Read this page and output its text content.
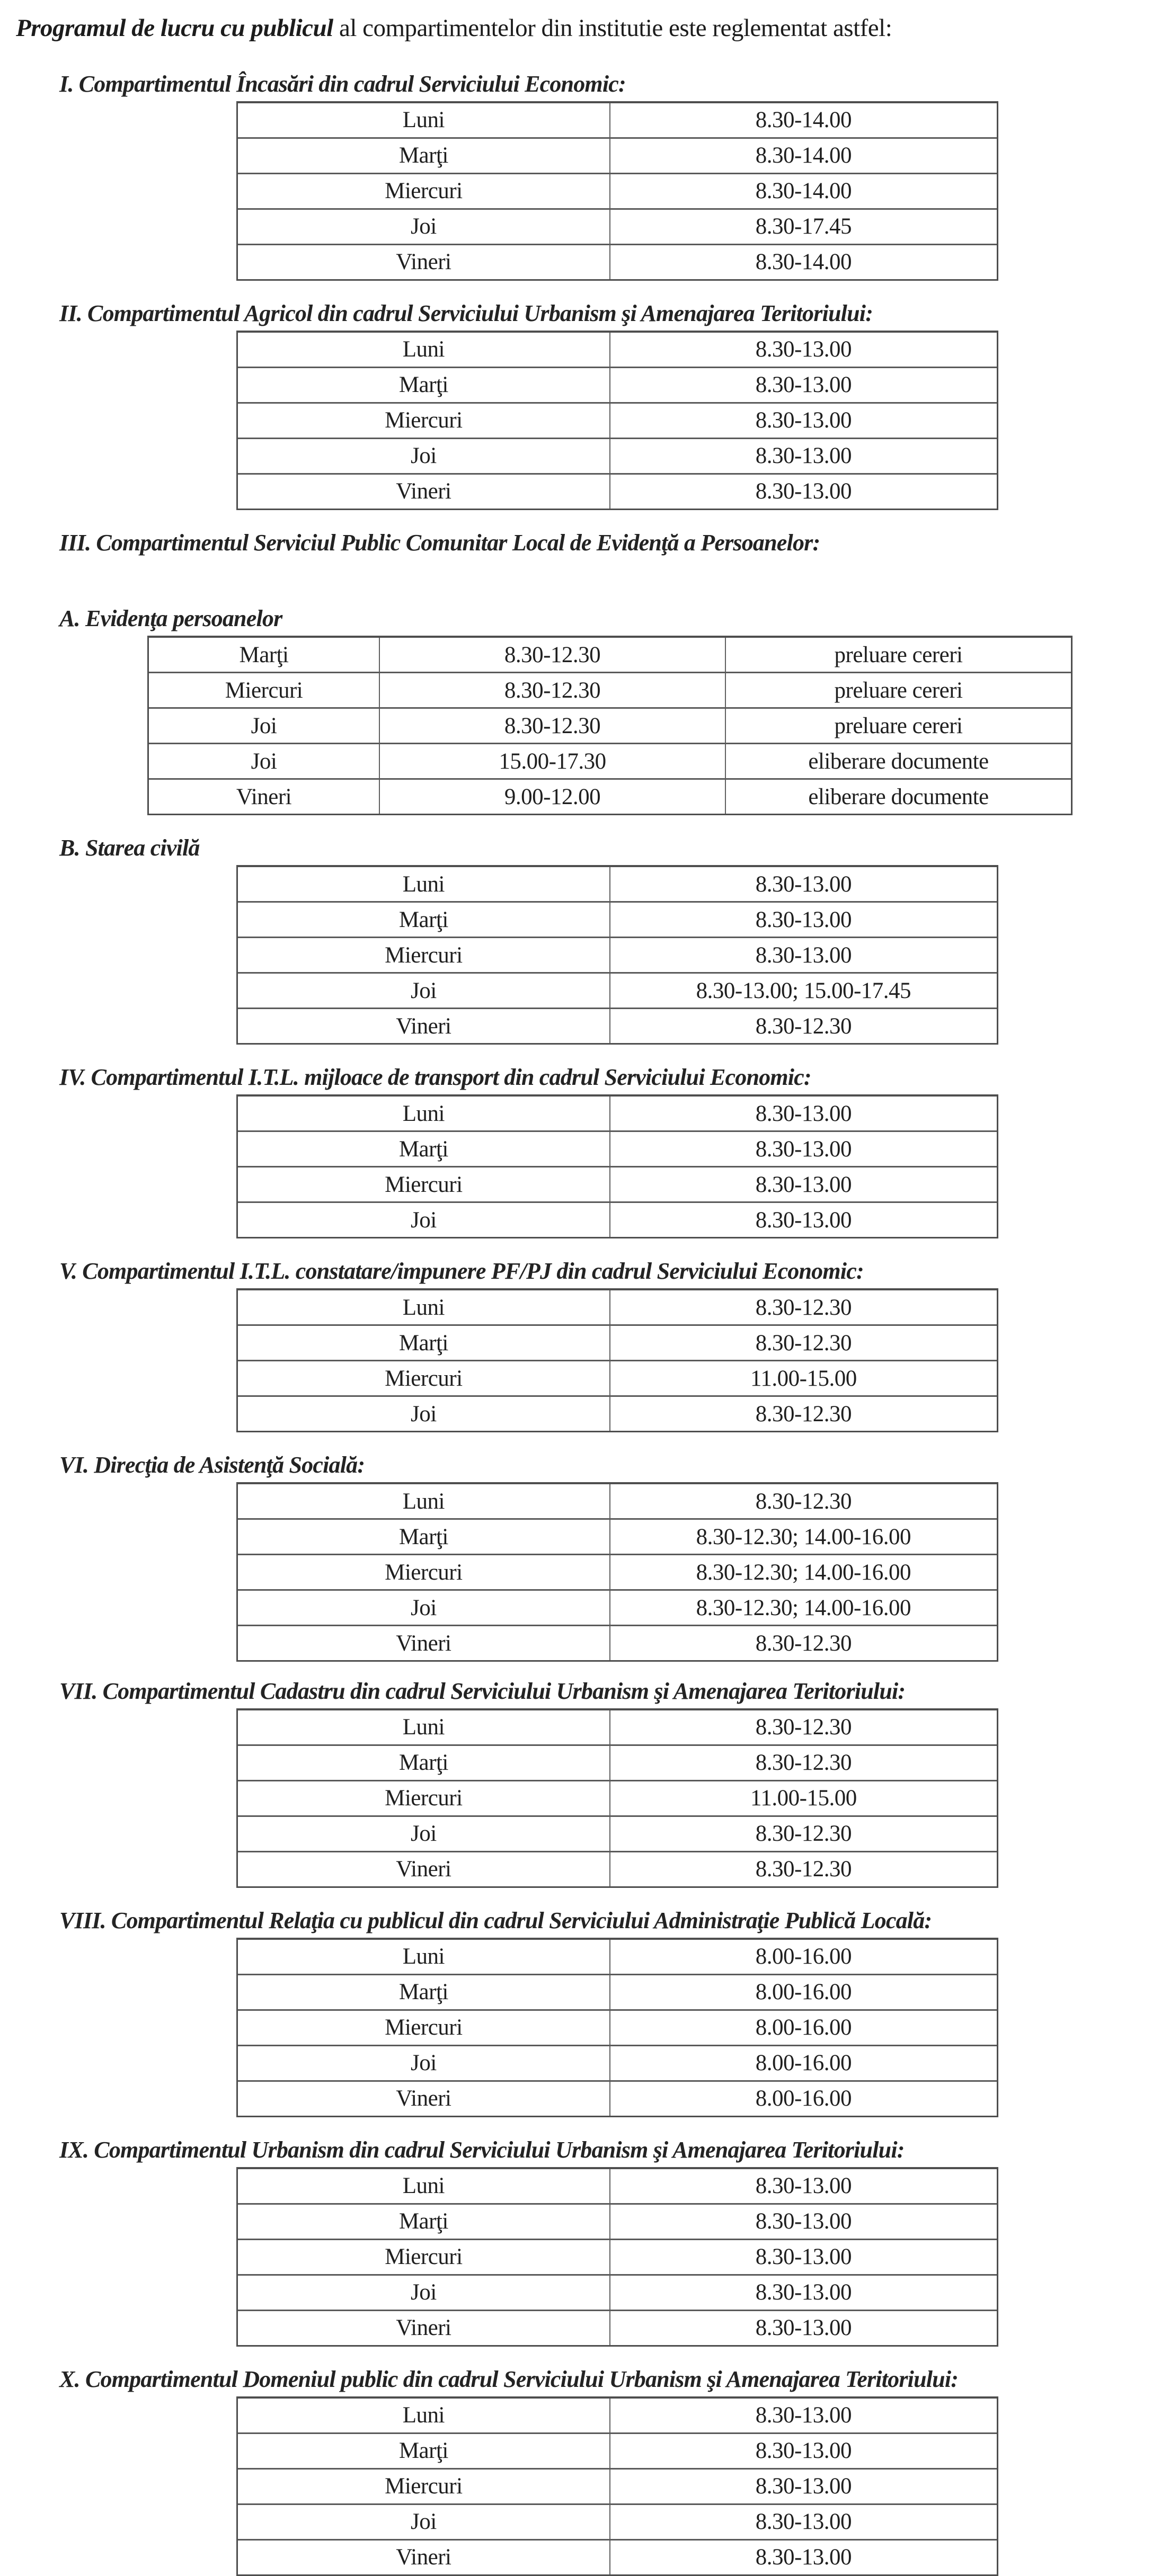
Programul de lucru cu publicul al compartimentelor din institutie este reglementat astfel:

I. Compartimentul Încasări din cadrul Serviciului Economic:
Luni	8.30-14.00
Marţi	8.30-14.00
Miercuri	8.30-14.00
Joi	8.30-17.45
Vineri	8.30-14.00
II. Compartimentul Agricol din cadrul Serviciului Urbanism şi Amenajarea Teritoriului:
Luni	8.30-13.00
Marţi	8.30-13.00
Miercuri	8.30-13.00
Joi	8.30-13.00
Vineri	8.30-13.00
III. Compartimentul Serviciul Public Comunitar Local de Evidenţă a Persoanelor:
A. Evidenţa persoanelor
Marţi	8.30-12.30	preluare cereri
Miercuri	8.30-12.30	preluare cereri
Joi	8.30-12.30	preluare cereri
Joi	15.00-17.30	eliberare documente
Vineri	9.00-12.00	eliberare documente
B. Starea civilă
Luni	8.30-13.00
Marţi	8.30-13.00
Miercuri	8.30-13.00
Joi	8.30-13.00; 15.00-17.45
Vineri	8.30-12.30
IV. Compartimentul I.T.L. mijloace de transport din cadrul Serviciului Economic:
Luni	8.30-13.00
Marţi	8.30-13.00
Miercuri	8.30-13.00
Joi	8.30-13.00
V. Compartimentul I.T.L. constatare/impunere PF/PJ din cadrul Serviciului Economic:
Luni	8.30-12.30
Marţi	8.30-12.30
Miercuri	11.00-15.00
Joi	8.30-12.30
VI. Direcţia de Asistenţă Socială:
Luni	8.30-12.30
Marţi	8.30-12.30; 14.00-16.00
Miercuri	8.30-12.30; 14.00-16.00
Joi	8.30-12.30; 14.00-16.00
Vineri	8.30-12.30
VII. Compartimentul Cadastru din cadrul Serviciului Urbanism şi Amenajarea Teritoriului:
Luni	8.30-12.30
Marţi	8.30-12.30
Miercuri	11.00-15.00
Joi	8.30-12.30
Vineri	8.30-12.30
VIII. Compartimentul Relaţia cu publicul din cadrul Serviciului Administraţie Publică Locală:
Luni	8.00-16.00
Marţi	8.00-16.00
Miercuri	8.00-16.00
Joi	8.00-16.00
Vineri	8.00-16.00
IX. Compartimentul Urbanism din cadrul Serviciului Urbanism şi Amenajarea Teritoriului:
Luni	8.30-13.00
Marţi	8.30-13.00
Miercuri	8.30-13.00
Joi	8.30-13.00
Vineri	8.30-13.00
X. Compartimentul Domeniul public din cadrul Serviciului Urbanism şi Amenajarea Teritoriului:
Luni	8.30-13.00
Marţi	8.30-13.00
Miercuri	8.30-13.00
Joi	8.30-13.00
Vineri	8.30-13.00
